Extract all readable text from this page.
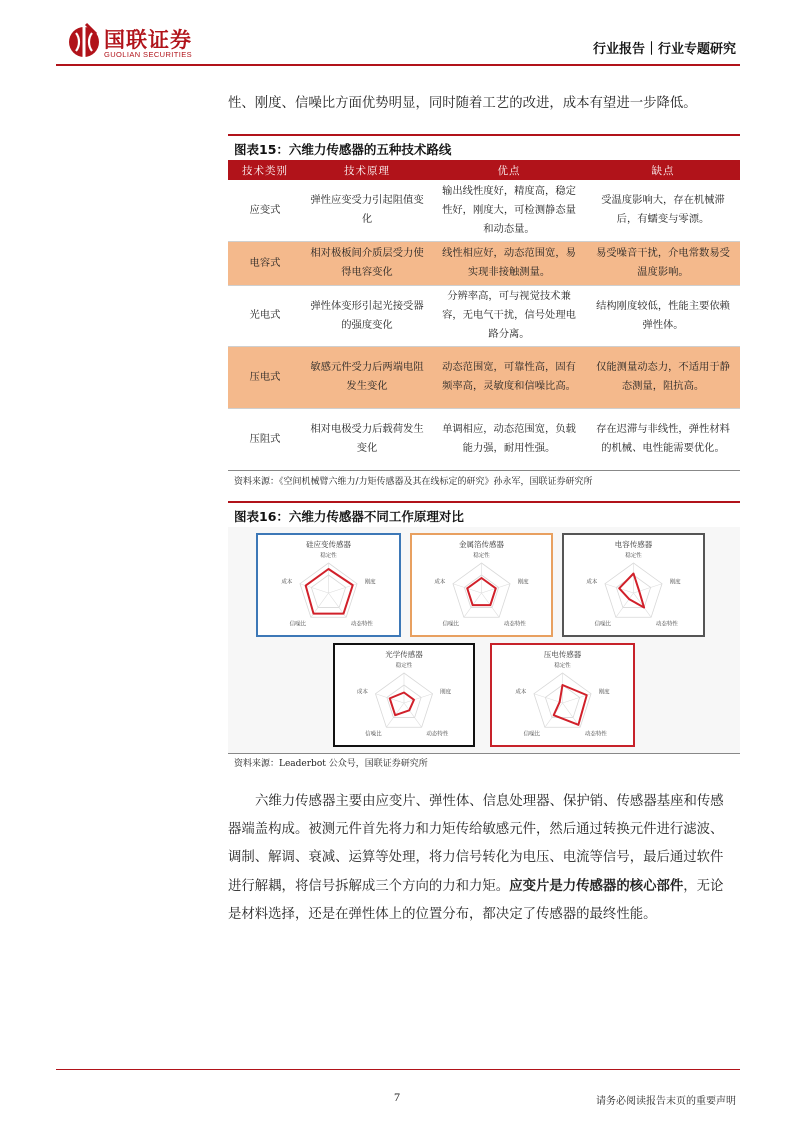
国联证券
GUOLIAN SECURITIES	行业报告｜行业专题研究
性、刚度、信噪比方面优势明显，同时随着工艺的改进，成本有望进一步降低。
图表15：六维力传感器的五种技术路线
技术类别	技术原理	优点	缺点
应变式	弹性应变受力引起阻值变化	输出线性度好，精度高，稳定性好，刚度大，可检测静态量和动态量。	受温度影响大，存在机械滞后，有蠕变与零漂。
电容式	相对极板间介质层受力使得电容变化	线性相应好，动态范围宽，易实现非接触测量。	易受噪音干扰，介电常数易受温度影响。
光电式	弹性体变形引起光接受器的强度变化	分辨率高，可与视觉技术兼容，无电气干扰，信号处理电路分离。	结构刚度较低，性能主要依赖弹性体。
压电式	敏感元件受力后两端电阻发生变化	动态范围宽，可靠性高，固有频率高，灵敏度和信噪比高。	仅能测量动态力，不适用于静态测量，阻抗高。
压阻式	相对电极受力后载荷发生变化	单调相应，动态范围宽，负载能力强，耐用性强。	存在迟滞与非线性，弹性材料的机械、电性能需要优化。
资料来源：《空间机械臂六维力/力矩传感器及其在线标定的研究》孙永军，国联证券研究所
图表16：六维力传感器不同工作原理对比
稳定性
刚度
动态特性
信噪比
成本
硅应变传感器
稳定性
刚度
动态特性
信噪比
成本
金属箔传感器
稳定性
刚度
动态特性
信噪比
成本
电容传感器
稳定性
刚度
动态特性
信噪比
成本
光学传感器
稳定性
刚度
动态特性
信噪比
成本
压电传感器
资料来源：Leaderbot 公众号，国联证券研究所
六维力传感器主要由应变片、弹性体、信息处理器、保护销、传感器基座和传感
器端盖构成。被测元件首先将力和力矩传给敏感元件，然后通过转换元件进行滤波、
调制、解调、衰减、运算等处理，将力信号转化为电压、电流等信号，最后通过软件
进行解耦，将信号拆解成三个方向的力和力矩。应变片是力传感器的核心部件，无论
是材料选择，还是在弹性体上的位置分布，都决定了传感器的最终性能。
7	请务必阅读报告末页的重要声明
